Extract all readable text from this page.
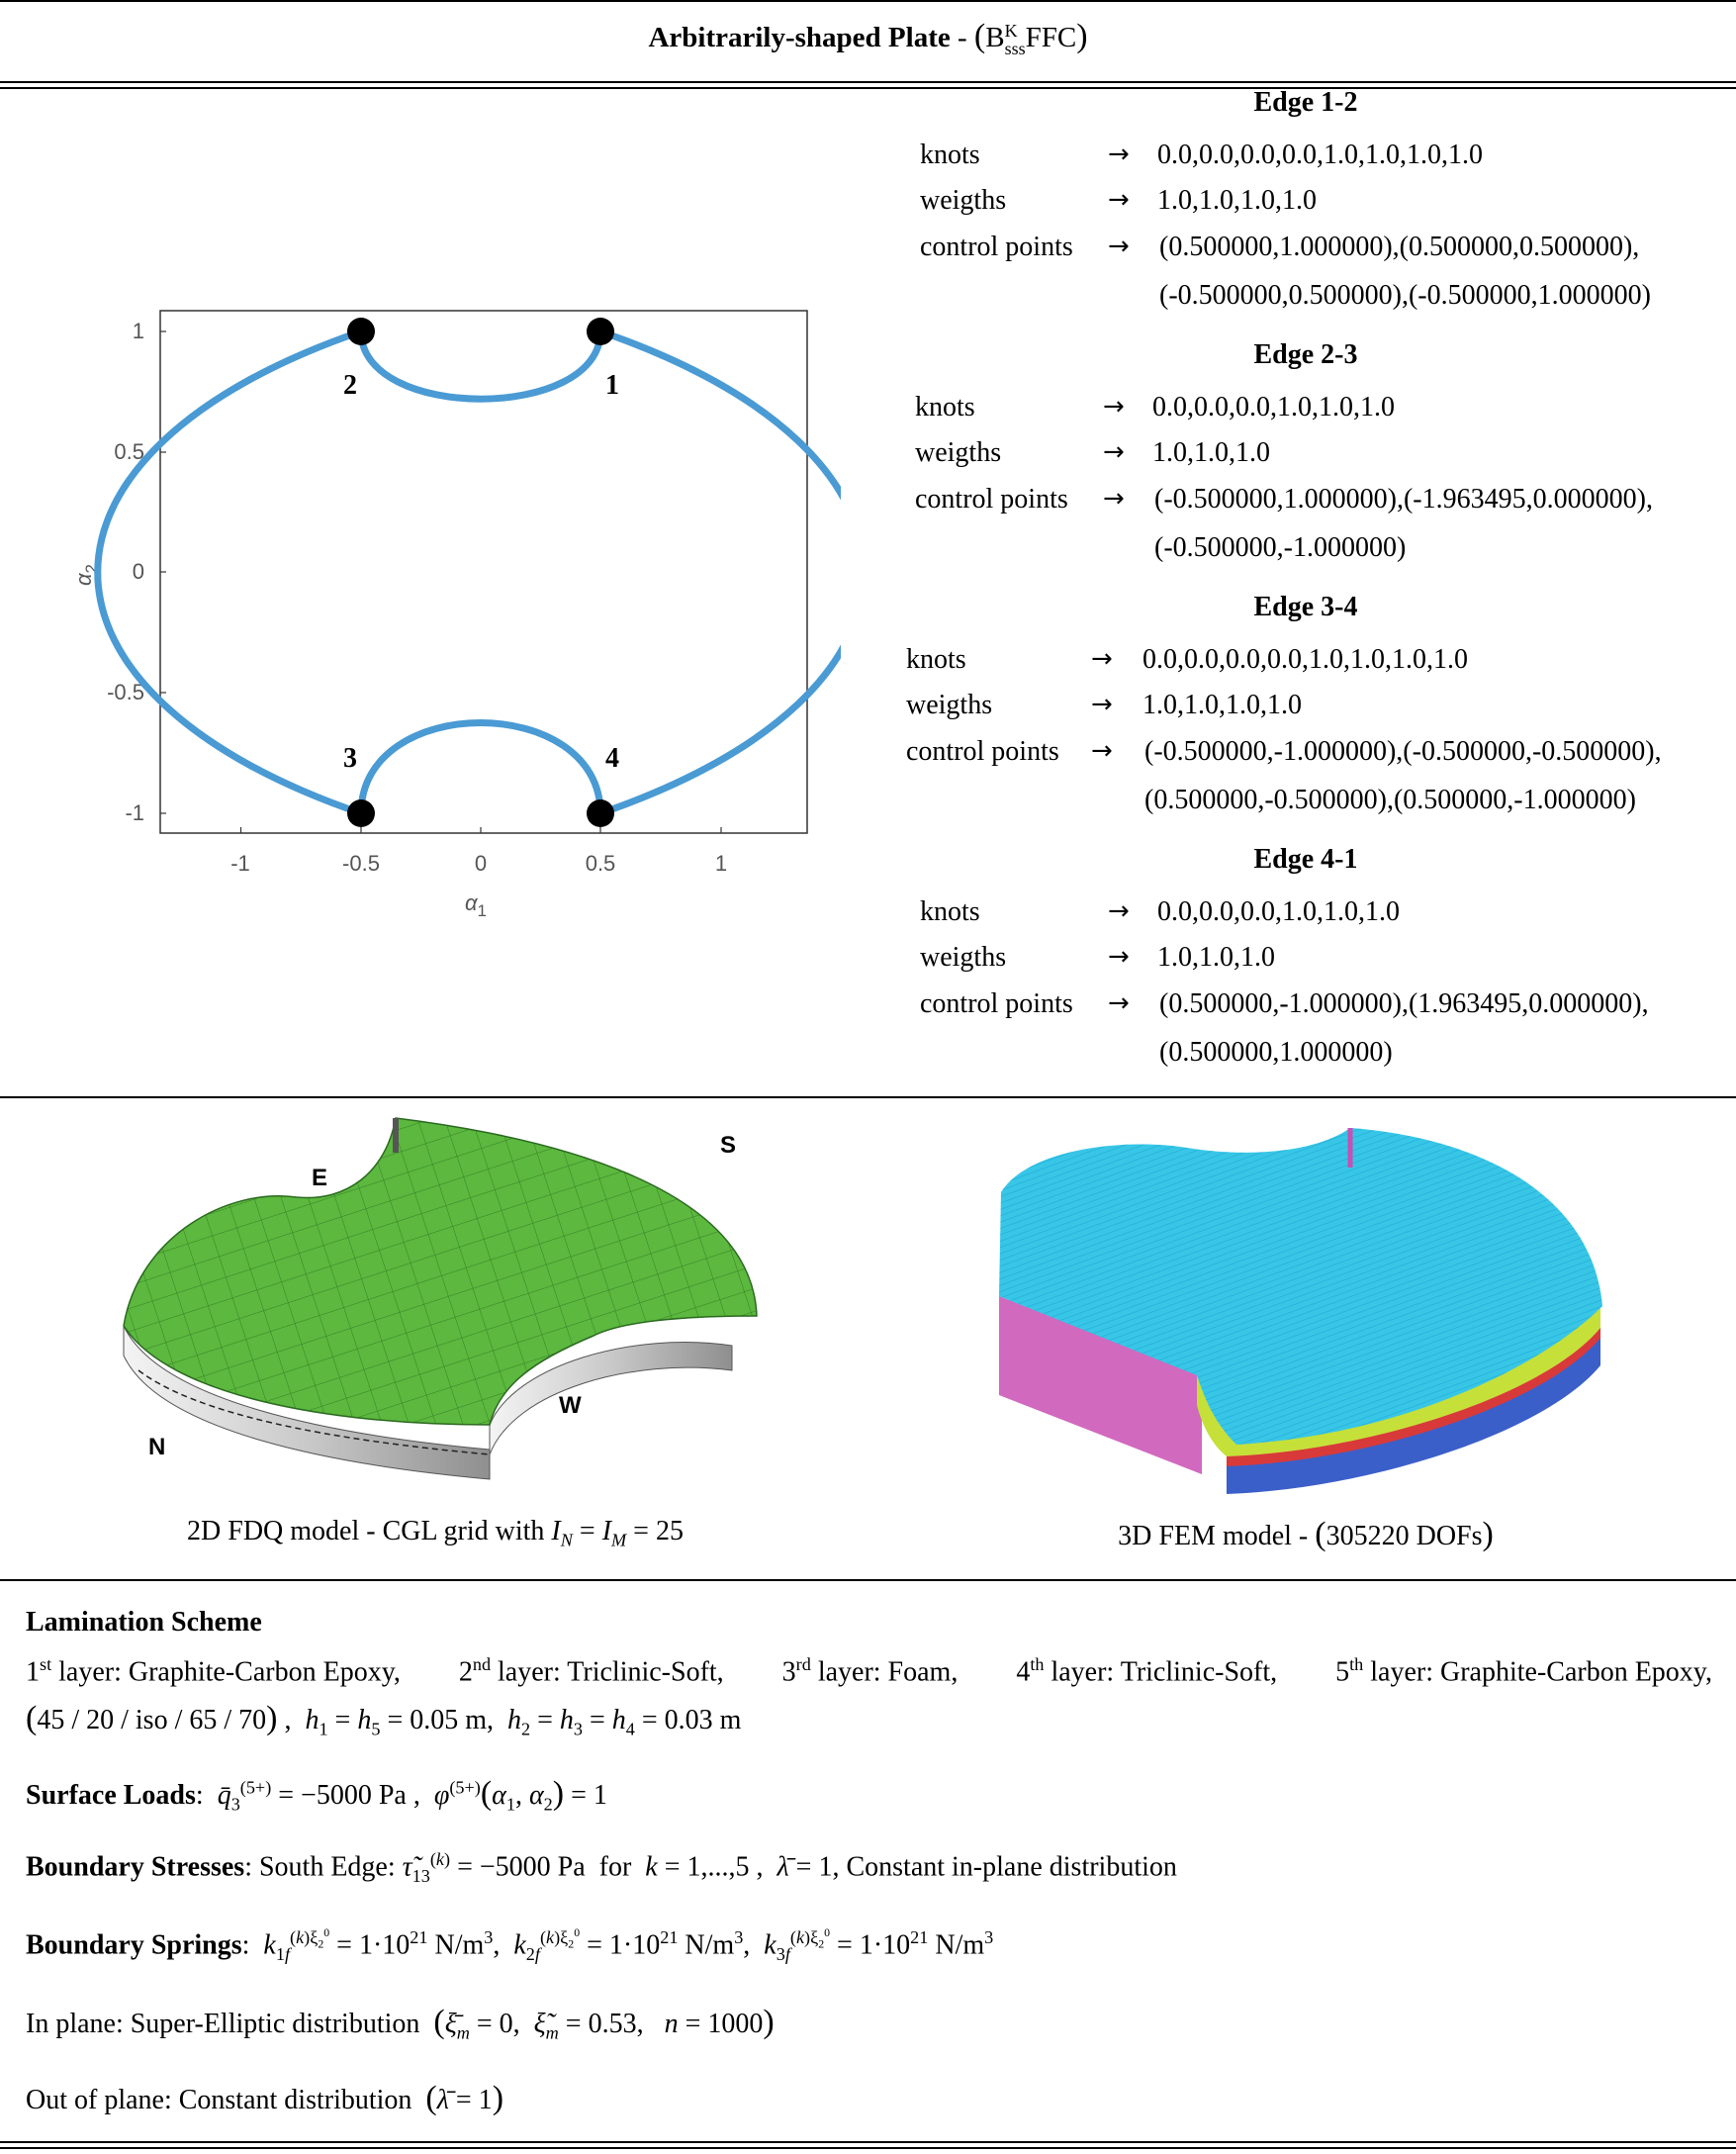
Arbitrarily-shaped Plate - (B K
sss FFC)
-1	-0.5	0	0.5	1
1
0.5
0
-0.5
-1
$\alpha_1$
$\alpha_2$
2	1
3	4
Edge 1-2
knots	→ 0.0,0.0,0.0,0.0,1.0,1.0,1.0,1.0
weigths	→ 1.0,1.0,1.0,1.0
control points → (0.500000,1.000000),(0.500000,0.500000),
(-0.500000,0.500000),(-0.500000,1.000000)
Edge 2-3
knots	→ 0.0,0.0,0.0,1.0,1.0,1.0
weigths	→ 1.0,1.0,1.0
control points → (-0.500000,1.000000),(-1.963495,0.000000),
(-0.500000,-1.000000)
Edge 3-4
knots	→ 0.0,0.0,0.0,0.0,1.0,1.0,1.0,1.0
weigths	→ 1.0,1.0,1.0,1.0
control points → (-0.500000,-1.000000),(-0.500000,-0.500000),
(0.500000,-0.500000),(0.500000,-1.000000)
Edge 4-1
knots	→ 0.0,0.0,0.0,1.0,1.0,1.0
weigths	→ 1.0,1.0,1.0
control points → (0.500000,-1.000000),(1.963495,0.000000),
(0.500000,1.000000)
E
S
W
N
2D FDQ model - CGL grid with $I_N = I_M = 25$	3D FEM model - (305220 DOFs)
Lamination Scheme
1st layer: Graphite-Carbon Epoxy, 2nd layer: Triclinic-Soft, 3rd layer: Foam, 4th layer: Triclinic-Soft, 5th layer: Graphite-Carbon Epoxy,
(45 / 20 / iso / 65 / 70) ,  $h_1 = h_5 = 0.05$ m,  $h_2 = h_3 = h_4 = 0.03$ m
Surface Loads:  $q̄_3^{(5+)} = -5000$ Pa ,  $\varphi^{(5+)}(\alpha_1$, $\alpha_2) = 1$
Boundary Stresses: South Edge: $\taũ_{13}^{(k)} = -5000$ Pa  for  k = 1,...,5 ,  λ̄ = 1, Constant in-plane distribution
Boundary Springs:  $k_{1f}^{(k)\xi_2^0} = 1\cdot 10^{21}$ $N/m^3$,  $k_{2f}^{(k)\xi_2^0} = 1\cdot 10^{21}$ $N/m^3$,  $k_{3f}^{(k)\xi_2^0} = 1\cdot 10^{21}$ $N/m^3$
In plane: Super-Elliptic distribution ($\xī_m = 0$,  $\xĩ_m = 0.53$,   n = 1000)
Out of plane: Constant distribution (λ̄ = 1)
